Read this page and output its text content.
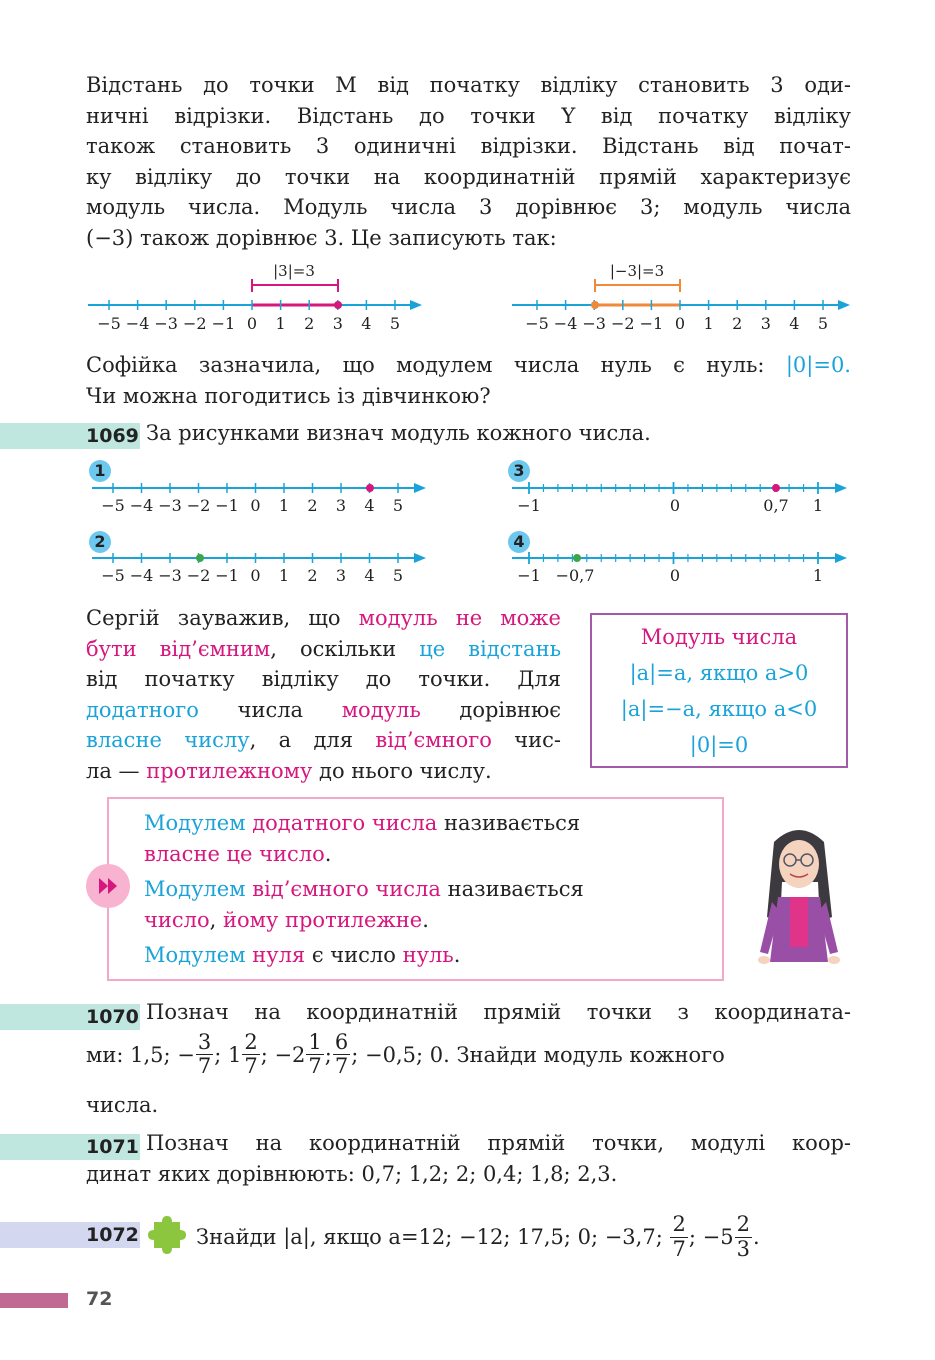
Відстань до точки M від початку відліку становить 3 оди-
ничні відрізки. Відстань до точки Y від початку відліку
також становить 3 одиничні відрізки. Відстань від почат-
ку відліку до точки на координатній прямій характеризує
модуль числа. Модуль числа 3 дорівнює 3; модуль числа
(−3) також дорівнює 3. Це записують так:
|3|=3
−5 −4 −3 −2 −1 0 1 2 3 4 5
|−3|=3
−5 −4 −3 −2 −1 0 1 2 3 4 5
Софійка зазначила, що модулем числа нуль є нуль: |0|=0.
Чи можна погодитись із дівчинкою?
1069 За рисунками визнач модуль кожного числа.
1
2
3
4
−5 −4 −3 −2 −1 0 1 2 3 4 5
−5 −4 −3 −2 −1 0 1 2 3 4 5
−1	0	0,7 1
−1 −0,7	0	1
Сергій зауважив, що модуль не може
бути від’ємним, оскільки це відстань
від початку відліку до точки. Для
додатного числа модуль дорівнює
власне числу, а для від’ємного чис-
ла — протилежному до нього числу.
Модуль числа
|a|=a, якщо a>0
|a|=−a, якщо a<0
|0|=0
Модулем додатного числа називається
власне це число.
Модулем від’ємного числа називається
число, йому протилежне.
Модулем нуля є число нуль.
1070 Познач на координатній прямій точки з координата-
ми: 1,5; − $\frac{3}{7}$ ; $1 \frac{2}{7}$ ; $-2 \frac{1}{7}$ ; $\frac{6}{7}$ ; −0,5; 0. Знайди модуль кожного
числа.
1071 Познач на координатній прямій точки, модулі коор-
динат яких дорівнюють: 0,7; 1,2; 2; 0,4; 1,8; 2,3.
1072	Знайди |a|, якщо a=12; −12; 17,5; 0; −3,7;
$\frac{2}{7}$ ; $-5 \frac{2}{3}$ .
72
